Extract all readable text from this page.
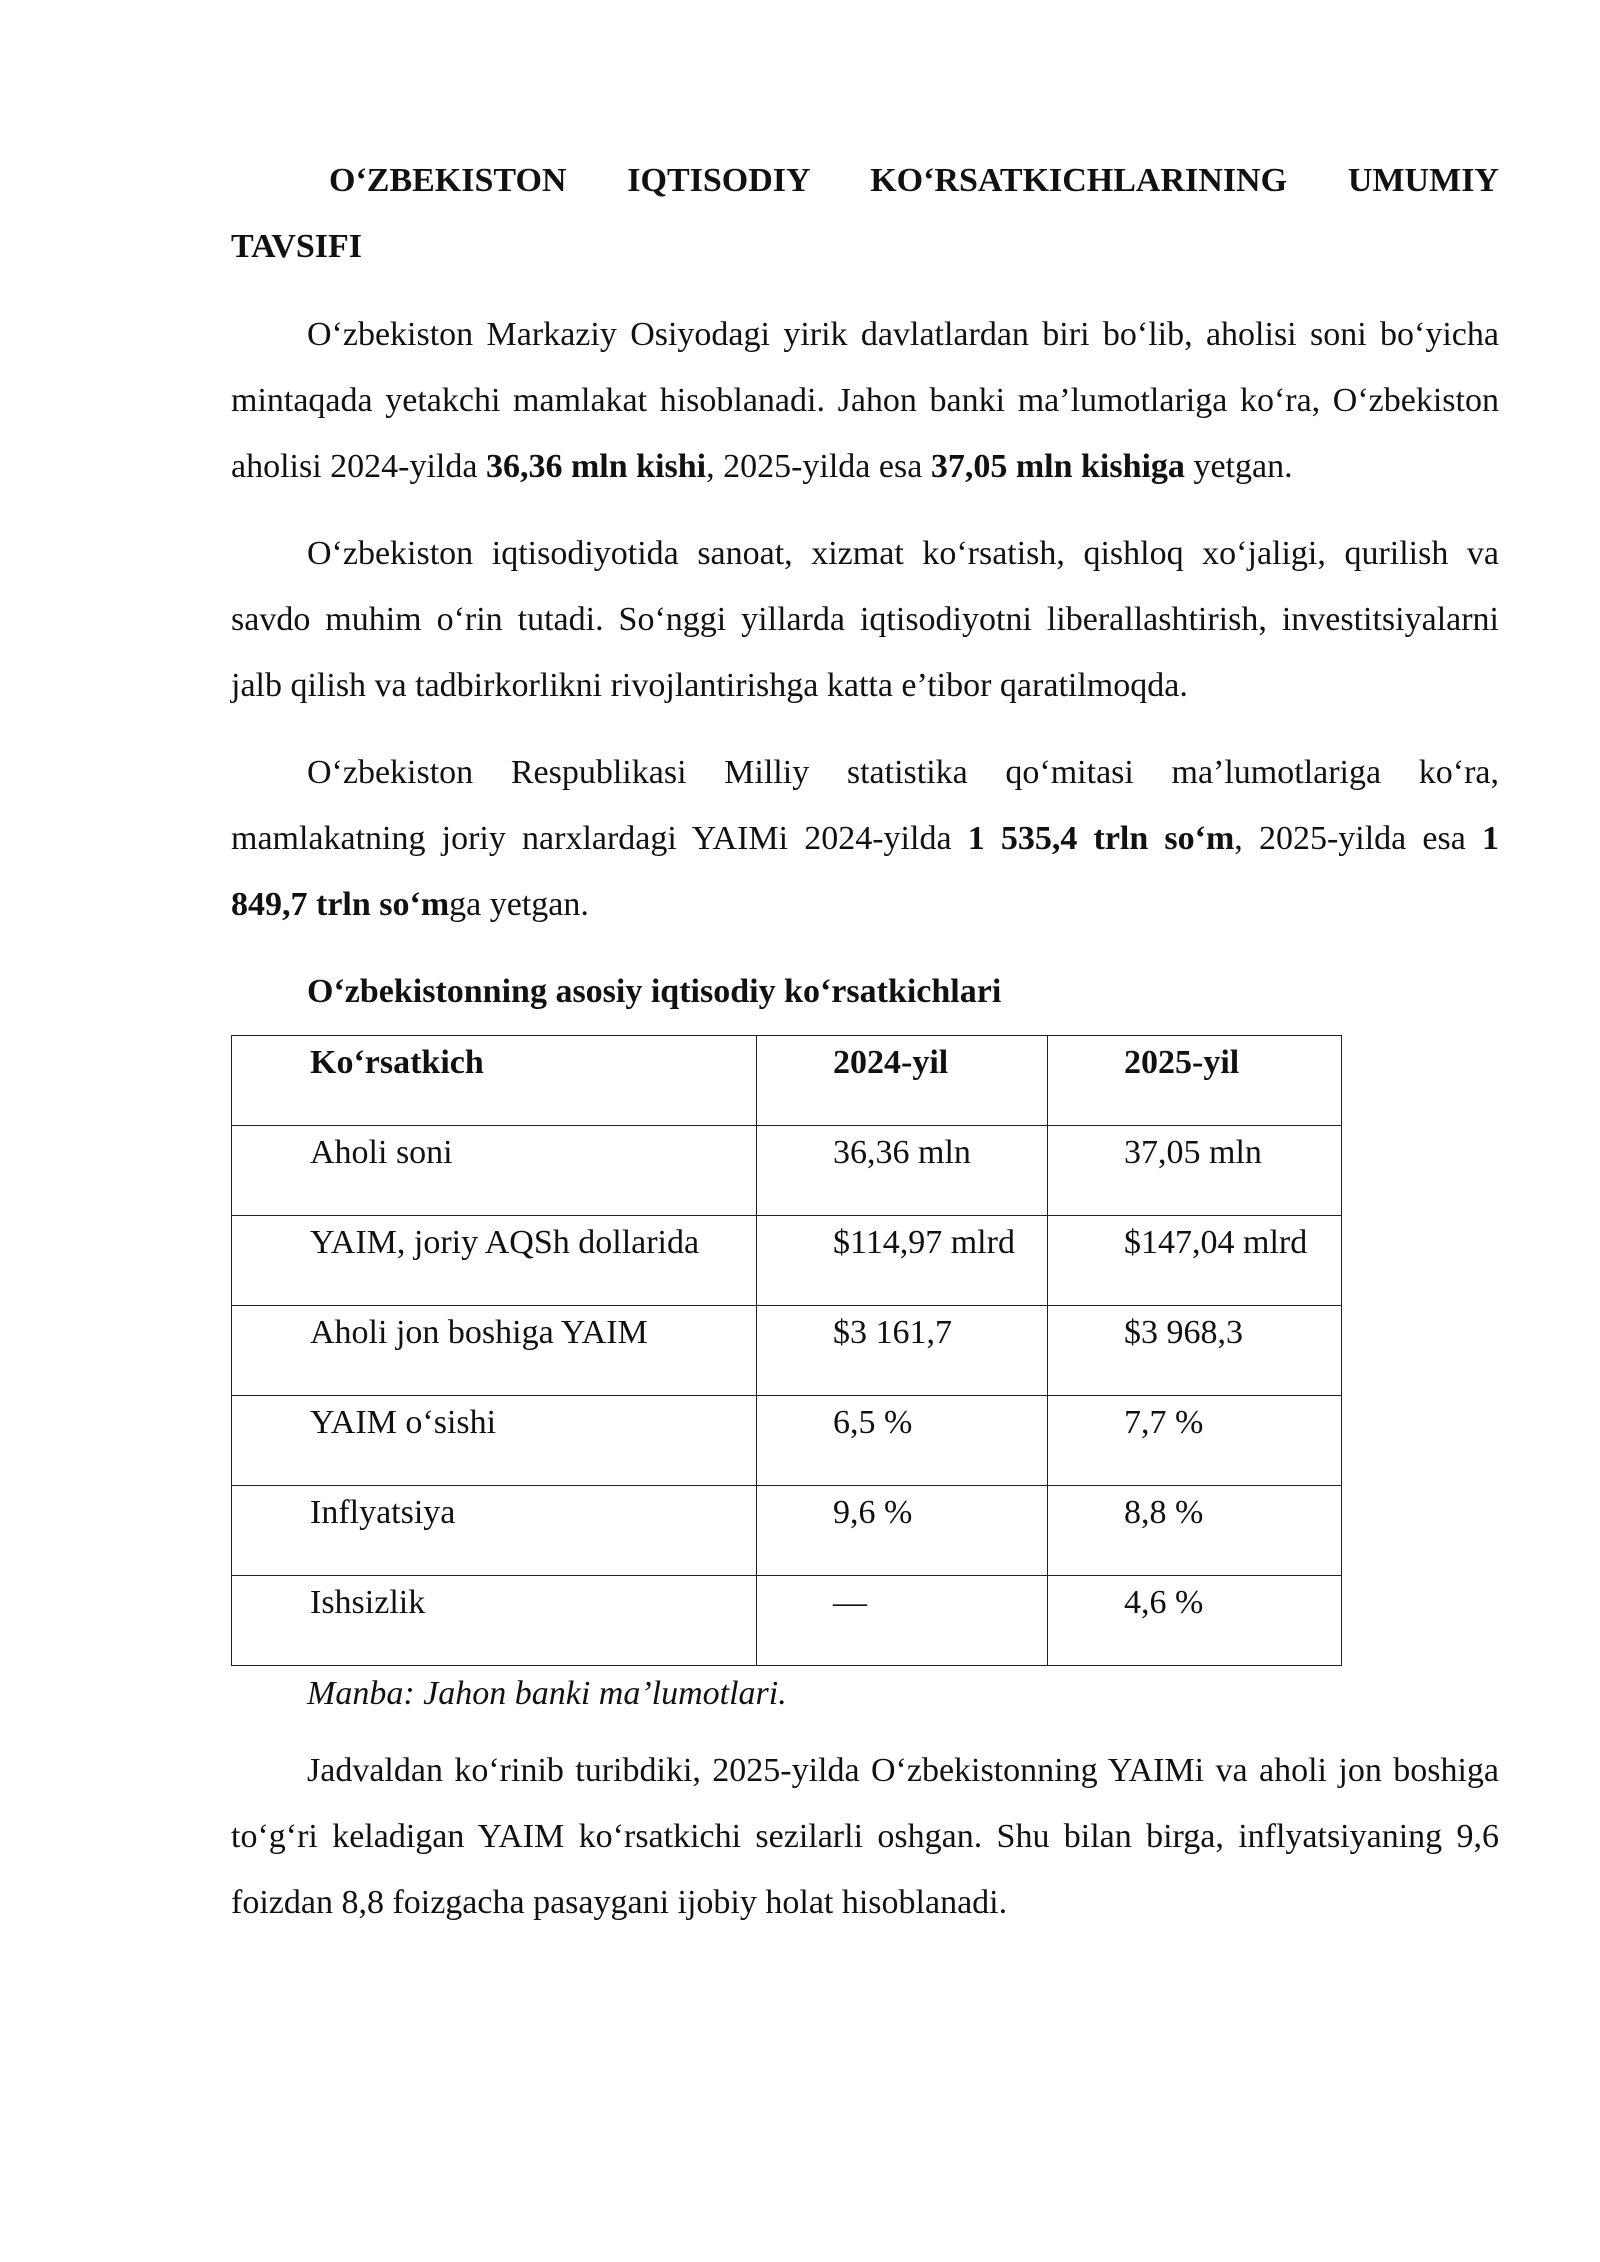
O‘ZBEKISTON IQTISODIY KO‘RSATKICHLARINING UMUMIY TAVSIFI

O‘zbekiston Markaziy Osiyodagi yirik davlatlardan biri bo‘lib, aholisi soni bo‘yicha mintaqada yetakchi mamlakat hisoblanadi. Jahon banki ma’lumotlariga ko‘ra, O‘zbekiston aholisi 2024-yilda 36,36 mln kishi, 2025-yilda esa 37,05 mln kishiga yetgan.

O‘zbekiston iqtisodiyotida sanoat, xizmat ko‘rsatish, qishloq xo‘jaligi, qurilish va savdo muhim o‘rin tutadi. So‘nggi yillarda iqtisodiyotni liberallashtirish, investitsiyalarni jalb qilish va tadbirkorlikni rivojlantirishga katta e’tibor qaratilmoqda.

O‘zbekiston Respublikasi Milliy statistika qo‘mitasi ma’lumotlariga ko‘ra, mamlakatning joriy narxlardagi YAIMi 2024-yilda 1 535,4 trln so‘m, 2025-yilda esa 1 849,7 trln so‘mga yetgan.

O‘zbekistonning asosiy iqtisodiy ko‘rsatkichlari
Ko‘rsatkich	2024-yil	2025-yil

Aholi soni	36,36 mln	37,05 mln

YAIM, joriy AQSh dollarida	$114,97 mlrd	$147,04 mlrd

Aholi jon boshiga YAIM	$3 161,7	$3 968,3

YAIM o‘sishi	6,5 %	7,7 %

Inflyatsiya	9,6 %	8,8 %

Ishsizlik	—	4,6 %
Manba: Jahon banki ma’lumotlari.

Jadvaldan ko‘rinib turibdiki, 2025-yilda O‘zbekistonning YAIMi va aholi jon boshiga to‘g‘ri keladigan YAIM ko‘rsatkichi sezilarli oshgan. Shu bilan birga, inflyatsiyaning 9,6 foizdan 8,8 foizgacha pasaygani ijobiy holat hisoblanadi.
